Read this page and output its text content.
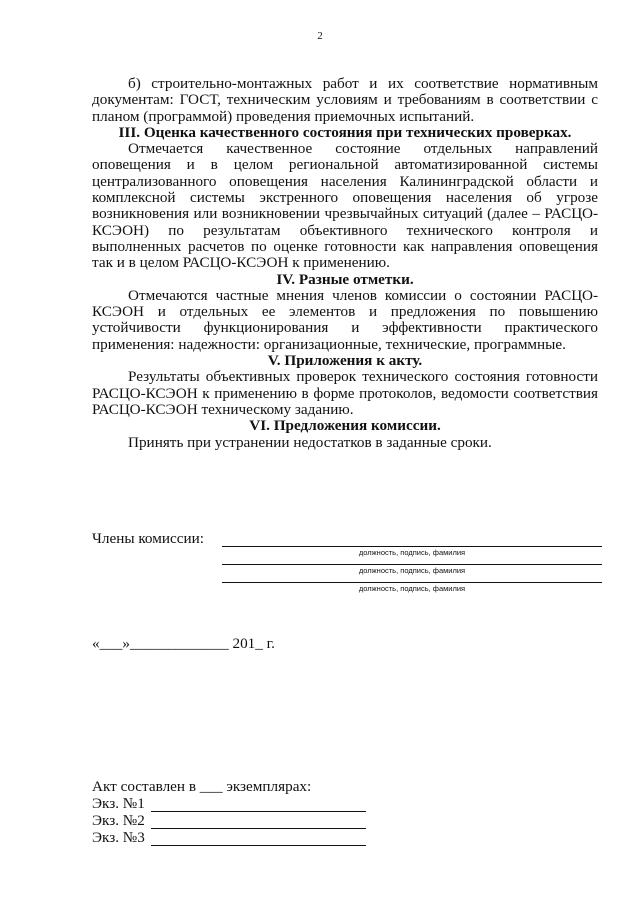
2

б) строительно-монтажных работ и их соответствие нормативным документам: ГОСТ, техническим условиям и требованиям в соответствии с планом (программой) проведения приемочных испытаний.

III. Оценка качественного состояния при технических проверках.

Отмечается качественное состояние отдельных направлений оповещения и в целом региональной автоматизированной системы централизованного оповещения населения Калининградской области и комплексной системы экстренного оповещения населения об угрозе возникновения или возникновении чрезвычайных ситуаций (далее – РАСЦО-КСЭОН) по результатам объективного технического контроля и выполненных расчетов по оценке готовности как направления оповещения так и в целом РАСЦО-КСЭОН к применению.

IV. Разные отметки.

Отмечаются частные мнения членов комиссии о состоянии РАСЦО-КСЭОН и отдельных ее элементов и предложения по повышению устойчивости функционирования и эффективности практического применения: надежности: организационные, технические, программные.

V. Приложения к акту.

Результаты объективных проверок технического состояния готовности РАСЦО-КСЭОН к применению в форме протоколов, ведомости соответствия РАСЦО-КСЭОН техническому заданию.

VI. Предложения комиссии.

Принять при устранении недостатков в заданные сроки.

Члены комиссии:
должность, подпись, фамилия
должность, подпись, фамилия
должность, подпись, фамилия
«___»_____________ 201_ г.
Акт составлен в ___ экземплярах:
Экз. №1
Экз. №2
Экз. №3
